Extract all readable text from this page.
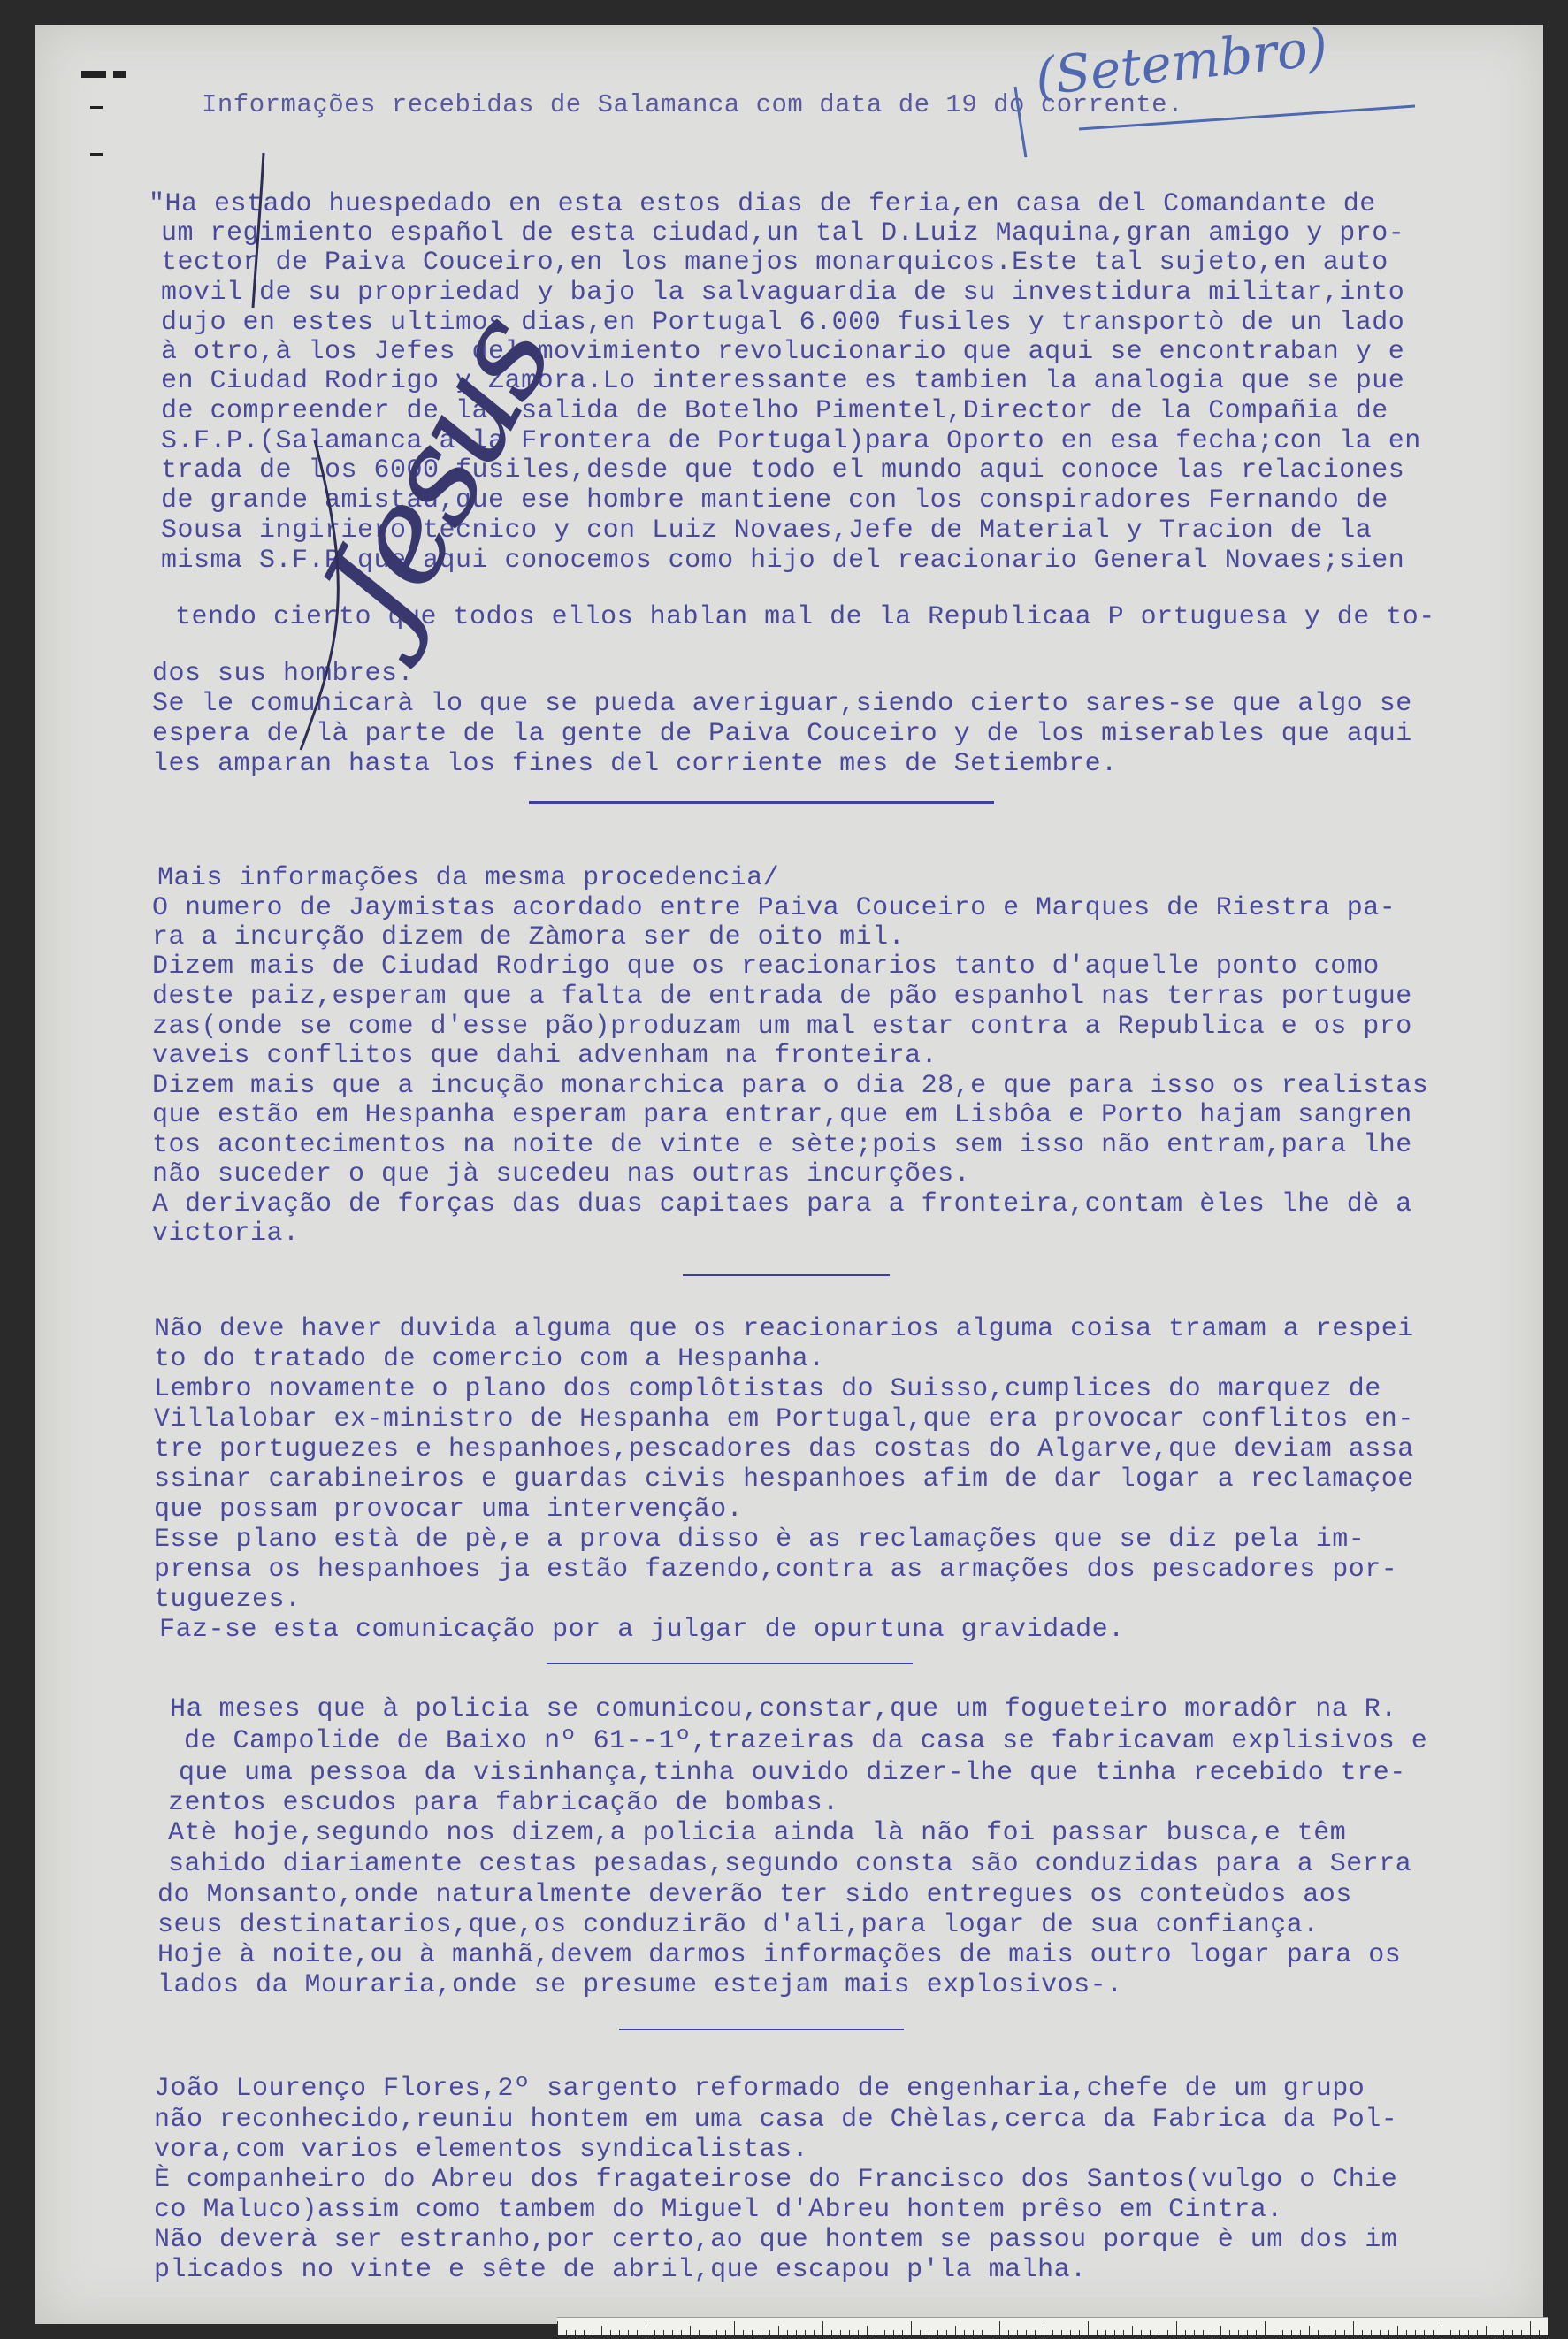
Informações recebidas de Salamanca com data de 19 do corrente.
(Setembro)
"Ha estado huespedado en esta estos dias de feria,en casa del Comandante de
um regimiento español de esta ciudad,un tal D.Luiz Maquina,gran amigo y pro-
tector de Paiva Couceiro,en los manejos monarquicos.Este tal sujeto,en auto
movil de su propriedad y bajo la salvaguardia de su investidura militar,into
dujo en estes ultimos dias,en Portugal 6.000 fusiles y transportò de un lado
à otro,à los Jefes del movimiento revolucionario que aqui se encontraban y e
en Ciudad Rodrigo y Zamora.Lo interessante es tambien la analogia que se pue
de compreender de la  salida de Botelho Pimentel,Director de la Compañia de
S.F.P.(Salamanca à la Frontera de Portugal)para Oporto en esa fecha;con la en
trada de los 6000 fusiles,desde que todo el mundo aqui conoce las relaciones
de grande amistad,que ese hombre mantiene con los conspiradores Fernando de
Sousa ingiriero tecnico y con Luiz Novaes,Jefe de Material y Tracion de la
misma S.F.P.que aqui conocemos como hijo del reacionario General Novaes;sien
tendo cierto que todos ellos hablan mal de la Republicaa P ortuguesa y de to-
dos sus hombres.
Se le comunicarà lo que se pueda averiguar,siendo cierto sares-se que algo se
espera de là parte de la gente de Paiva Couceiro y de los miserables que aqui
les amparan hasta los fines del corriente mes de Setiembre.
Jesus
Mais informações da mesma procedencia/
O numero de Jaymistas acordado entre Paiva Couceiro e Marques de Riestra pa-
ra a incurção dizem de Zàmora ser de oito mil.
Dizem mais de Ciudad Rodrigo que os reacionarios tanto d'aquelle ponto como
deste paiz,esperam que a falta de entrada de pão espanhol nas terras portugue
zas(onde se come d'esse pão)produzam um mal estar contra a Republica e os pro
vaveis conflitos que dahi advenham na fronteira.
Dizem mais que a incução monarchica para o dia 28,e que para isso os realistas
que estão em Hespanha esperam para entrar,que em Lisbôa e Porto hajam sangren
tos acontecimentos na noite de vinte e sète;pois sem isso não entram,para lhe
não suceder o que jà sucedeu nas outras incurções.
A derivação de forças das duas capitaes para a fronteira,contam èles lhe dè a
victoria.
Não deve haver duvida alguma que os reacionarios alguma coisa tramam a respei
to do tratado de comercio com a Hespanha.
Lembro novamente o plano dos complôtistas do Suisso,cumplices do marquez de
Villalobar ex-ministro de Hespanha em Portugal,que era provocar conflitos en-
tre portuguezes e hespanhoes,pescadores das costas do Algarve,que deviam assa
ssinar carabineiros e guardas civis hespanhoes afim de dar logar a reclamaçoe
que possam provocar uma intervenção.
Esse plano està de pè,e a prova disso è as reclamações que se diz pela im-
prensa os hespanhoes ja estão fazendo,contra as armações dos pescadores por-
tuguezes.
Faz-se esta comunicação por a julgar de opurtuna gravidade.
Ha meses que à policia se comunicou,constar,que um fogueteiro moradôr na R.
de Campolide de Baixo nº 61--1º,trazeiras da casa se fabricavam explisivos e
que uma pessoa da visinhança,tinha ouvido dizer-lhe que tinha recebido tre-
zentos escudos para fabricação de bombas.
Atè hoje,segundo nos dizem,a policia ainda là não foi passar busca,e têm
sahido diariamente cestas pesadas,segundo consta são conduzidas para a Serra
do Monsanto,onde naturalmente deverão ter sido entregues os conteùdos aos
seus destinatarios,que,os conduzirão d'ali,para logar de sua confiança.
Hoje à noite,ou à manhã,devem darmos informações de mais outro logar para os
lados da Mouraria,onde se presume estejam mais explosivos-.
João Lourenço Flores,2º sargento reformado de engenharia,chefe de um grupo
não reconhecido,reuniu hontem em uma casa de Chèlas,cerca da Fabrica da Pol-
vora,com varios elementos syndicalistas.
È companheiro do Abreu dos fragateirose do Francisco dos Santos(vulgo o Chie
co Maluco)assim como tambem do Miguel d'Abreu hontem prêso em Cintra.
Não deverà ser estranho,por certo,ao que hontem se passou porque è um dos im
plicados no vinte e sête de abril,que escapou p'la malha.
